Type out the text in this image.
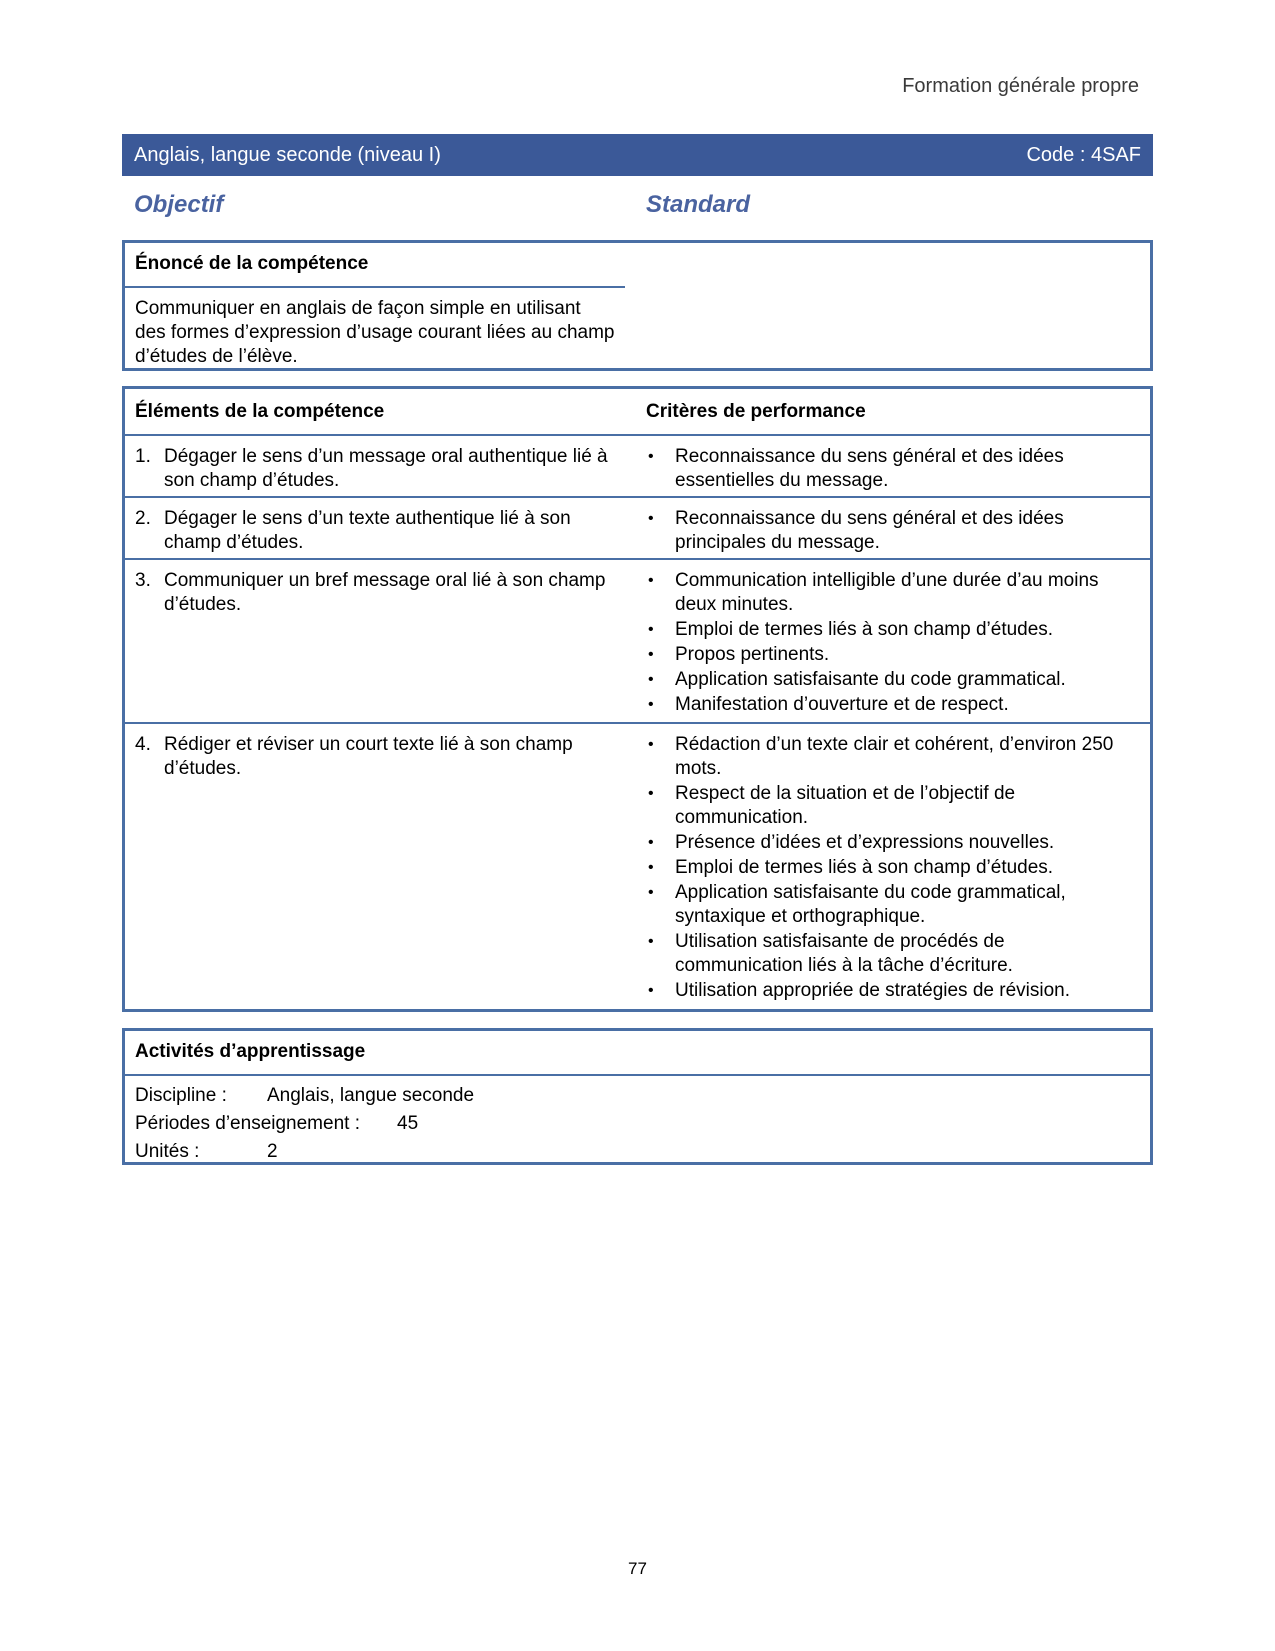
Formation générale propre
Anglais, langue seconde (niveau I)	Code : 4SAF
Objectif	Standard
Énoncé de la compétence
Communiquer en anglais de façon simple en utilisant des formes d’expression d’usage courant liées au champ d’études de l’élève.
Éléments de la compétence	Critères de performance
1. Dégager le sens d’un message oral authentique lié à son champ d’études.
• Reconnaissance du sens général et des idées essentielles du message.
2. Dégager le sens d’un texte authentique lié à son champ d’études.
• Reconnaissance du sens général et des idées principales du message.
3. Communiquer un bref message oral lié à son champ d’études.
• Communication intelligible d’une durée d’au moins deux minutes.
• Emploi de termes liés à son champ d’études.
• Propos pertinents.
• Application satisfaisante du code grammatical.
• Manifestation d’ouverture et de respect.
4. Rédiger et réviser un court texte lié à son champ d’études.
• Rédaction d’un texte clair et cohérent, d’environ 250 mots.
• Respect de la situation et de l’objectif de communication.
• Présence d’idées et d’expressions nouvelles.
• Emploi de termes liés à son champ d’études.
• Application satisfaisante du code grammatical, syntaxique et orthographique.
• Utilisation satisfaisante de procédés de communication liés à la tâche d’écriture.
• Utilisation appropriée de stratégies de révision.
Activités d’apprentissage
Discipline :	Anglais, langue seconde
Périodes d’enseignement :	45
Unités :	2
77
